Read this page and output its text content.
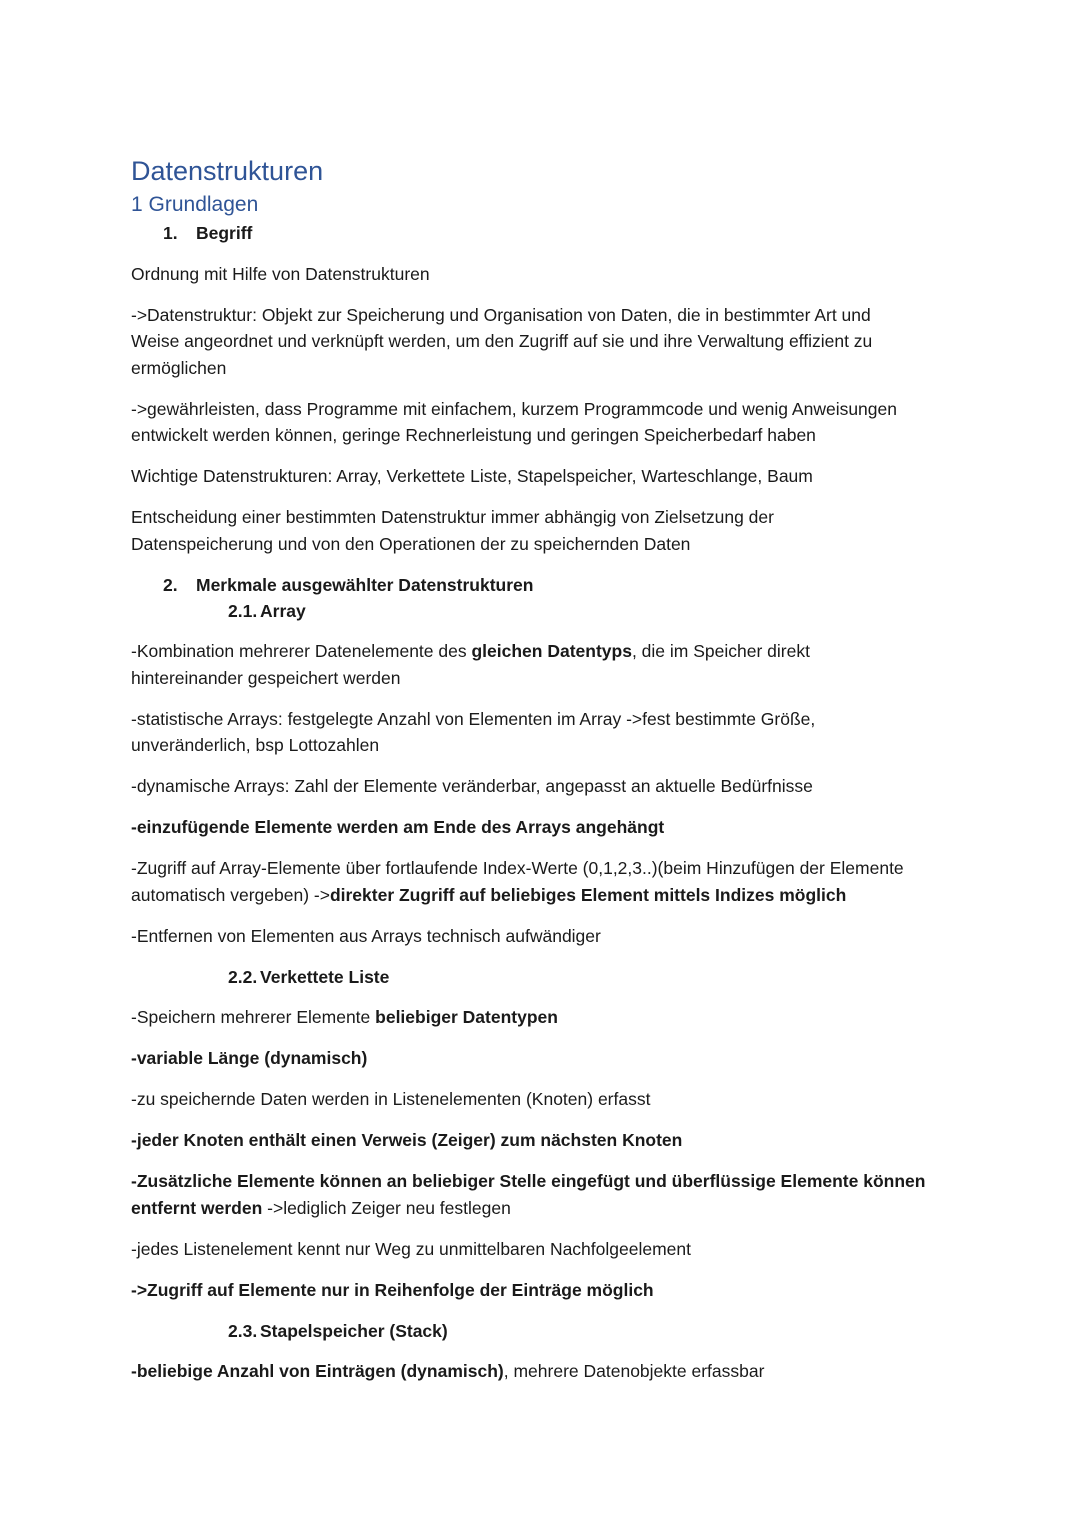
Datenstrukturen
1 Grundlagen
1. Begriff

Ordnung mit Hilfe von Datenstrukturen

->Datenstruktur: Objekt zur Speicherung und Organisation von Daten, die in bestimmter Art und

Weise angeordnet und verknüpft werden, um den Zugriff auf sie und ihre Verwaltung effizient zu

ermöglichen

->gewährleisten, dass Programme mit einfachem, kurzem Programmcode und wenig Anweisungen

entwickelt werden können, geringe Rechnerleistung und geringen Speicherbedarf haben

Wichtige Datenstrukturen: Array, Verkettete Liste, Stapelspeicher, Warteschlange, Baum

Entscheidung einer bestimmten Datenstruktur immer abhängig von Zielsetzung der

Datenspeicherung und von den Operationen der zu speichernden Daten

2. Merkmale ausgewählter Datenstrukturen
2.1. Array

-Kombination mehrerer Datenelemente des gleichen Datentyps, die im Speicher direkt

hintereinander gespeichert werden

-statistische Arrays: festgelegte Anzahl von Elementen im Array ->fest bestimmte Größe,

unveränderlich, bsp Lottozahlen

-dynamische Arrays: Zahl der Elemente veränderbar, angepasst an aktuelle Bedürfnisse

-einzufügende Elemente werden am Ende des Arrays angehängt

-Zugriff auf Array-Elemente über fortlaufende Index-Werte (0,1,2,3..)(beim Hinzufügen der Elemente

automatisch vergeben) ->direkter Zugriff auf beliebiges Element mittels Indizes möglich

-Entfernen von Elementen aus Arrays technisch aufwändiger

2.2. Verkettete Liste

-Speichern mehrerer Elemente beliebiger Datentypen

-variable Länge (dynamisch)

-zu speichernde Daten werden in Listenelementen (Knoten) erfasst

-jeder Knoten enthält einen Verweis (Zeiger) zum nächsten Knoten

-Zusätzliche Elemente können an beliebiger Stelle eingefügt und überflüssige Elemente können

entfernt werden ->lediglich Zeiger neu festlegen

-jedes Listenelement kennt nur Weg zu unmittelbaren Nachfolgeelement

->Zugriff auf Elemente nur in Reihenfolge der Einträge möglich

2.3. Stapelspeicher (Stack)

-beliebige Anzahl von Einträgen (dynamisch), mehrere Datenobjekte erfassbar
